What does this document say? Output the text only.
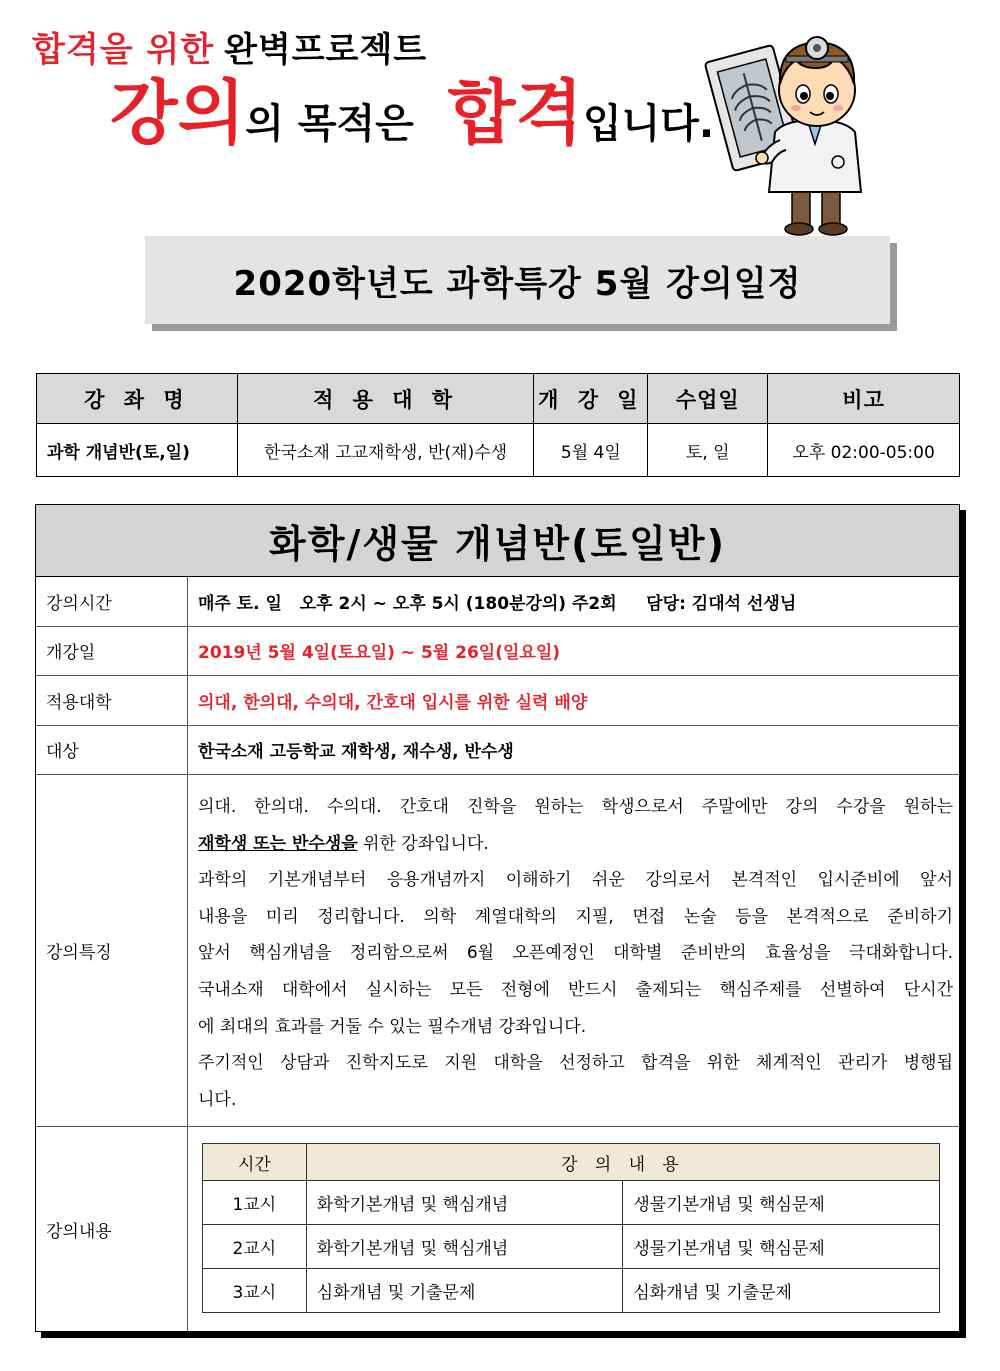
합격을 위한 완벽프로젝트
강의의 목적은 합격입니다.
2020학년도 과학특강 5월 강의일정
강 좌 명	적 용 대 학	개 강 일	수업일	비고
과학 개념반(토,일)	한국소재 고교재학생, 반(재)수생	5월 4일	토, 일	오후 02:00-05:00
화학/생물 개념반(토일반)
강의시간	매주 토. 일   오후 2시 ~ 오후 5시 (180분강의) 주2회     담당: 김대석 선생님
개강일	2019년 5월 4일(토요일) ~ 5월 26일(일요일)
적용대학	의대, 한의대, 수의대, 간호대 입시를 위한 실력 배양
대상	한국소재 고등학교 재학생, 재수생, 반수생
강의특징

의대. 한의대. 수의대. 간호대 진학을 원하는 학생으로서 주말에만 강의 수강을 원하는

재학생 또는 반수생을 위한 강좌입니다.

과학의 기본개념부터 응용개념까지 이해하기 쉬운 강의로서 본격적인 입시준비에 앞서

내용을 미리 정리합니다. 의학 계열대학의 지필, 면접 논술 등을 본격적으로 준비하기

앞서 핵심개념을 정리함으로써 6월 오픈예정인 대학별 준비반의 효율성을 극대화합니다.

국내소재 대학에서 실시하는 모든 전형에 반드시 출제되는 핵심주제를 선별하여 단시간

에 최대의 효과를 거둘 수 있는 필수개념 강좌입니다.

주기적인 상담과 진학지도로 지원 대학을 선정하고 합격을 위한 체계적인 관리가 병행됩

니다.

강의내용
시간	강 의 내 용	
1교시	화학기본개념 및 핵심개념	생물기본개념 및 핵심문제
2교시	화학기본개념 및 핵심개념	생물기본개념 및 핵심문제
3교시	심화개념 및 기출문제	심화개념 및 기출문제
